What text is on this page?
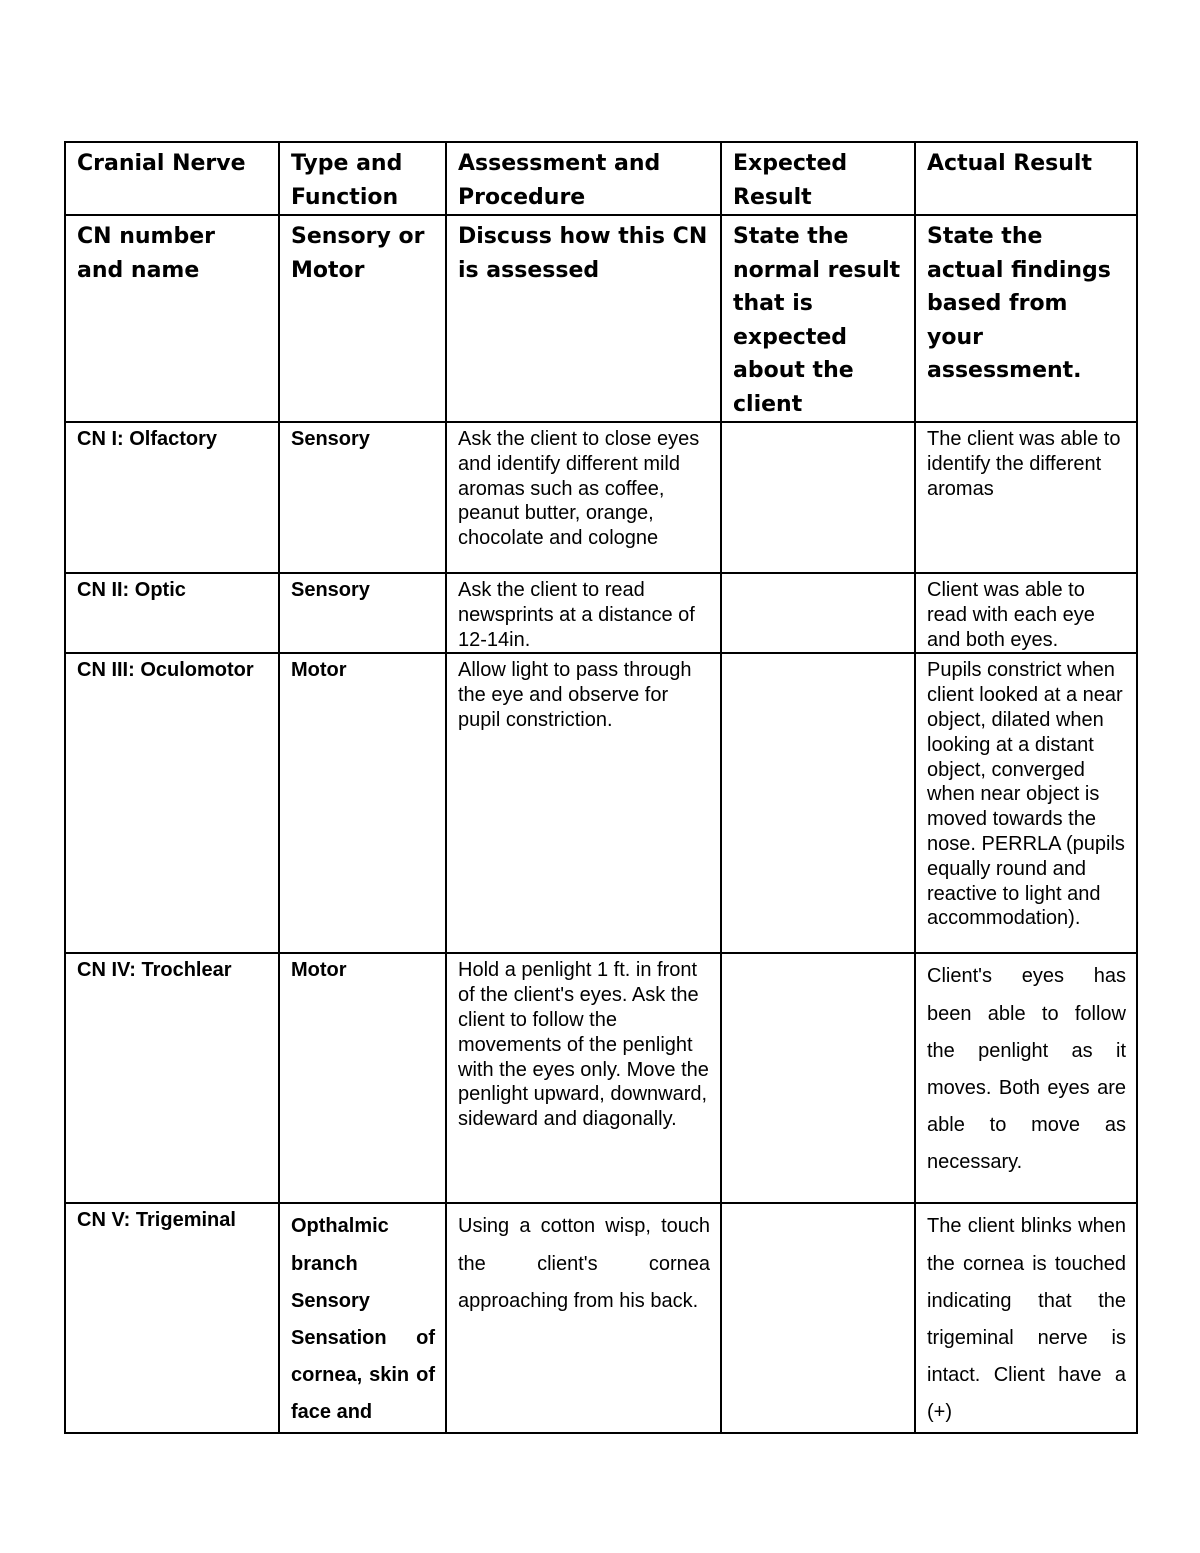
Cranial Nerve	Type and Function	Assessment and Procedure	Expected Result	Actual Result
CN number and name	Sensory or Motor	Discuss how this CN is assessed	State the normal result that is expected about the client	State the actual findings based from your assessment.
CN I: Olfactory	Sensory	Ask the client to close eyes and identify different mild aromas such as coffee, peanut butter, orange, chocolate and cologne		The client was able to identify the different aromas
CN II: Optic	Sensory	Ask the client to read newsprints at a distance of 12-14in.		Client was able to read with each eye and both eyes.
CN III: Oculomotor	Motor	Allow light to pass through the eye and observe for pupil constriction.		Pupils constrict when client looked at a near object, dilated when looking at a distant object, converged when near object is moved towards the nose. PERRLA (pupils equally round and reactive to light and accommodation).
CN IV: Trochlear	Motor	Hold a penlight 1 ft. in front of the client's eyes. Ask the client to follow the movements of the penlight with the eyes only. Move the penlight upward, downward, sideward and diagonally.		Client's eyes has been able to follow the penlight as it moves. Both eyes are able to move as necessary.
CN V: Trigeminal	Opthalmic branch Sensory Sensation of cornea, skin of face and	Using a cotton wisp, touch the client's cornea approaching from his back.		The client blinks when the cornea is touched indicating that the trigeminal nerve is intact. Client have a (+)
